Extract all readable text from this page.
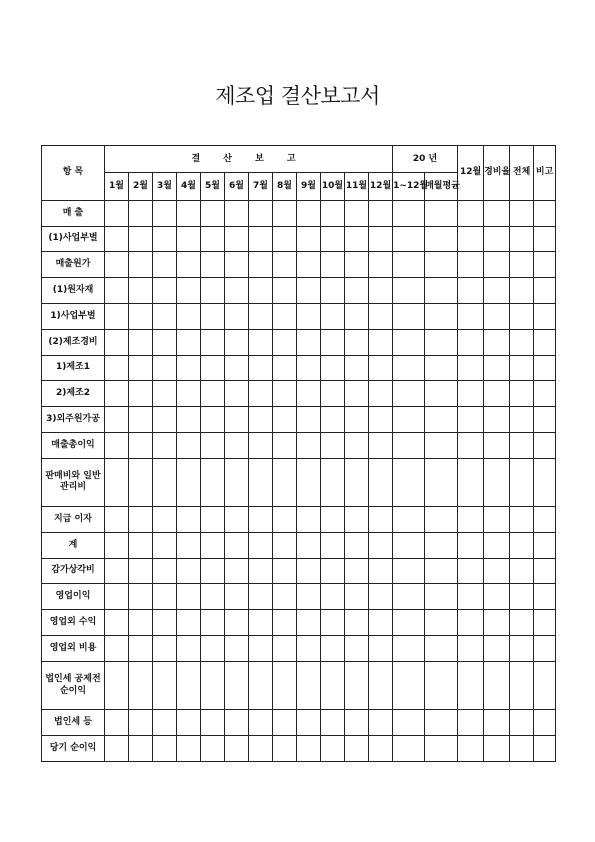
제조업 결산보고서
항 목	결 산 보 고												20 년		12월	경비율	전체	비고
	1월	2월	3월	4월	5월	6월	7월	8월	9월	10월	11월	12월	1~12월	매월평균				
매 출																		
(1)사업부별																		
매출원가																		
(1)원자재																		
1)사업부별																		
(2)제조경비																		
1)제조1																		
2)제조2																		
3)외주원가공																		
매출총이익																		
판매비와 일반관리비																		
지급 이자																		
계																		
감가상각비																		
영업이익																		
영업외 수익																		
영업외 비용																		
법인세 공제전 순이익																		
법인세 등																		
당기 순이익																		
